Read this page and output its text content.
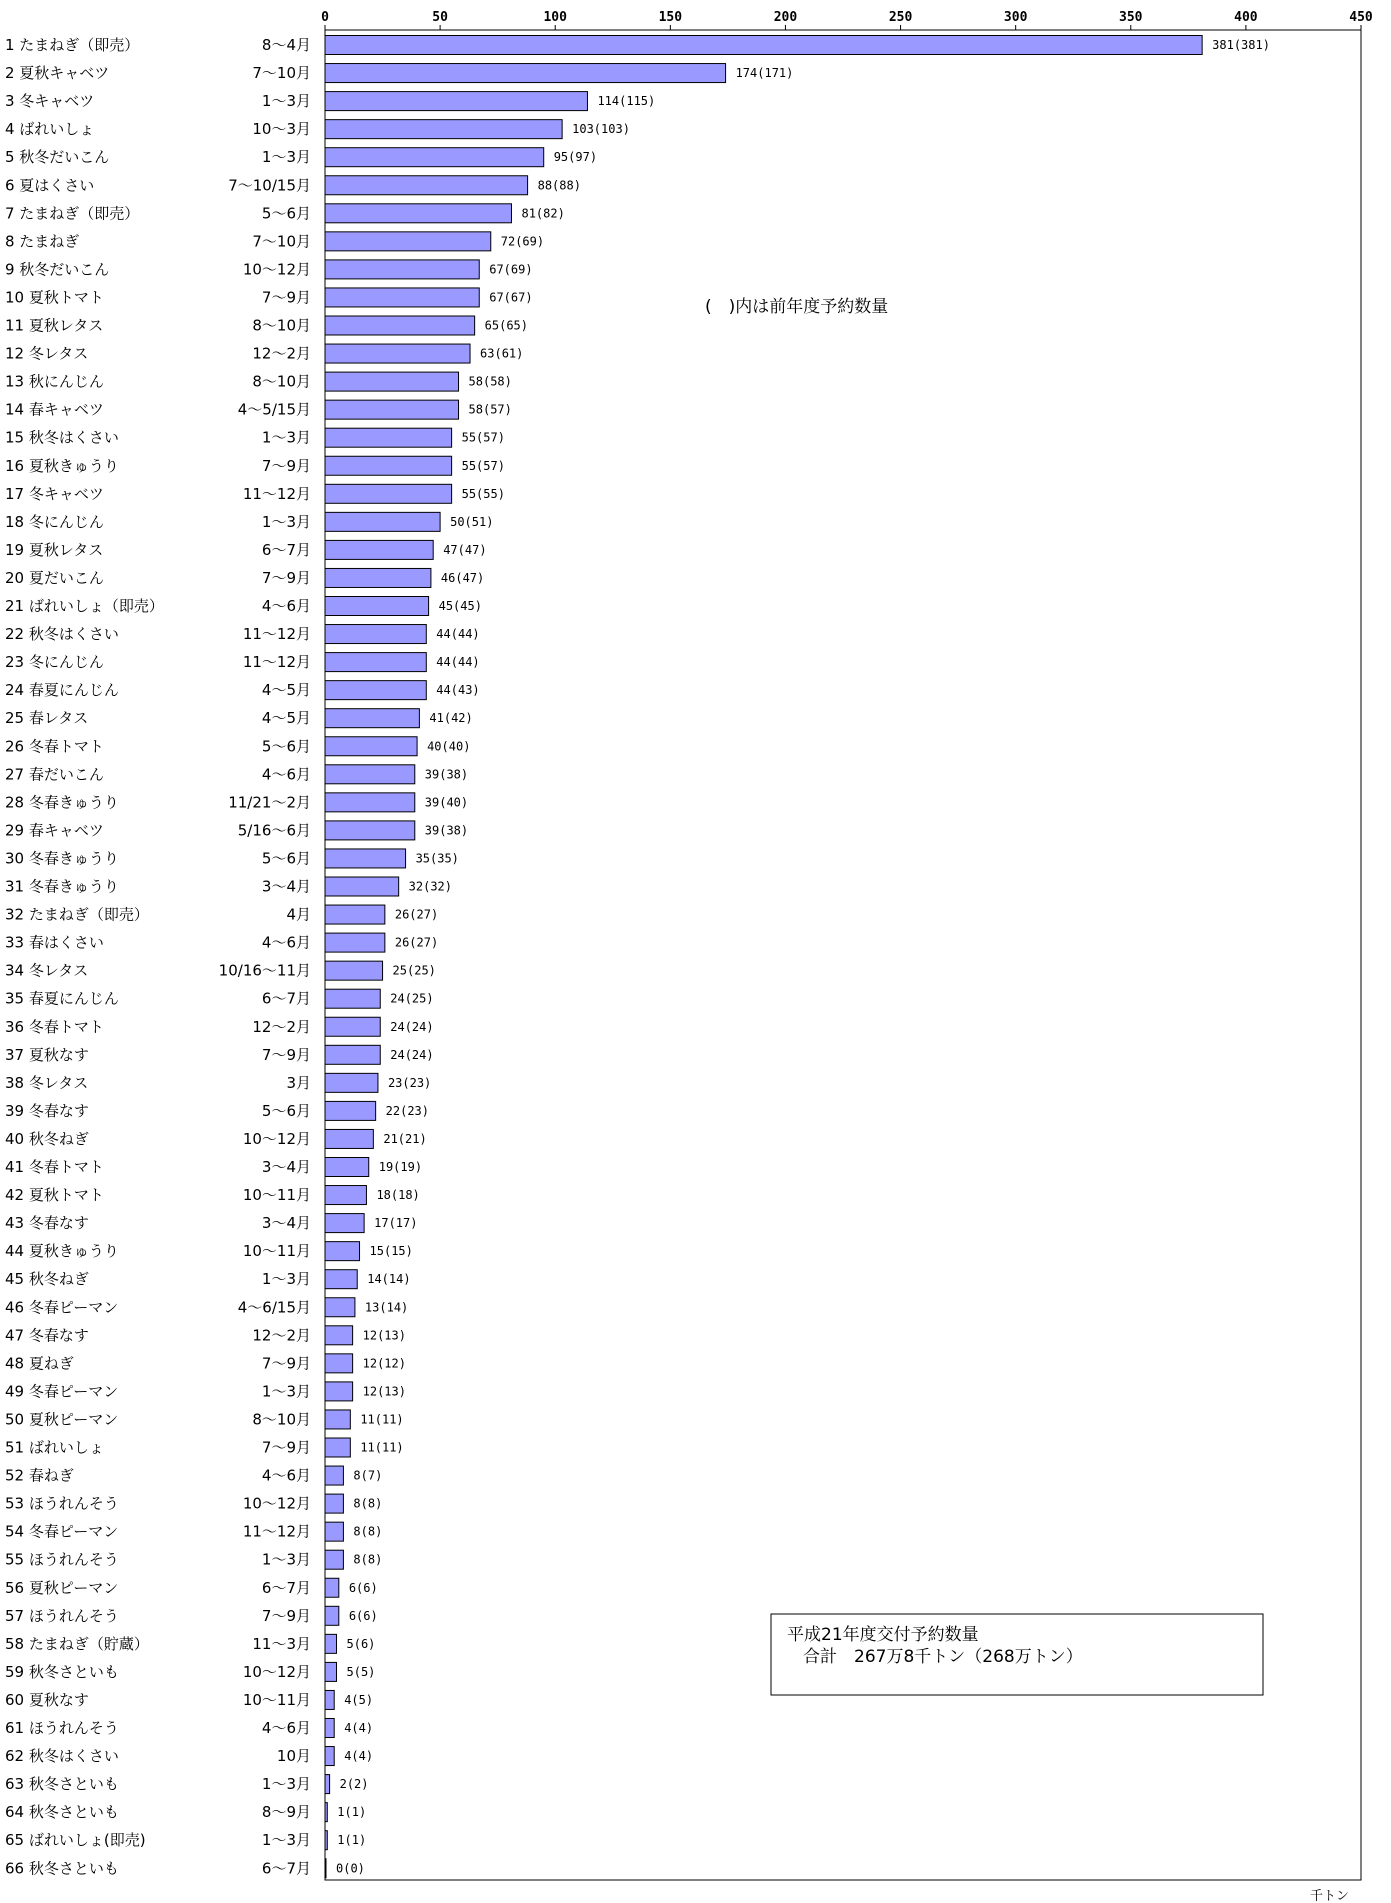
0	50	100	150	200	250	300	350	400	450
1 たまねぎ（即売）	8～4月	381(381)
2 夏秋キャベツ	7～10月	174(171)
3 冬キャベツ	1～3月	114(115)
4 ばれいしょ	10～3月	103(103)
5 秋冬だいこん	1～3月	95(97)
6 夏はくさい	7～10/15月	88(88)
7 たまねぎ（即売）	5～6月	81(82)
8 たまねぎ	7～10月	72(69)
9 秋冬だいこん	10～12月	67(69)
10 夏秋トマト	7～9月	67(67)
11 夏秋レタス	8～10月	65(65)
12 冬レタス	12～2月	63(61)
13 秋にんじん	8～10月	58(58)
14 春キャベツ	4～5/15月	58(57)
15 秋冬はくさい	1～3月	55(57)
16 夏秋きゅうり	7～9月	55(57)
17 冬キャベツ	11～12月	55(55)
18 冬にんじん	1～3月	50(51)
19 夏秋レタス	6～7月	47(47)
20 夏だいこん	7～9月	46(47)
21 ばれいしょ（即売）	4～6月	45(45)
22 秋冬はくさい	11～12月	44(44)
23 冬にんじん	11～12月	44(44)
24 春夏にんじん	4～5月	44(43)
25 春レタス	4～5月	41(42)
26 冬春トマト	5～6月	40(40)
27 春だいこん	4～6月	39(38)
28 冬春きゅうり	11/21～2月	39(40)
29 春キャベツ	5/16～6月	39(38)
30 冬春きゅうり	5～6月	35(35)
31 冬春きゅうり	3～4月	32(32)
32 たまねぎ（即売）	4月	26(27)
33 春はくさい	4～6月	26(27)
34 冬レタス	10/16～11月	25(25)
35 春夏にんじん	6～7月	24(25)
36 冬春トマト	12～2月	24(24)
37 夏秋なす	7～9月	24(24)
38 冬レタス	3月	23(23)
39 冬春なす	5～6月	22(23)
40 秋冬ねぎ	10～12月	21(21)
41 冬春トマト	3～4月	19(19)
42 夏秋トマト	10～11月	18(18)
43 冬春なす	3～4月	17(17)
44 夏秋きゅうり	10～11月	15(15)
45 秋冬ねぎ	1～3月	14(14)
46 冬春ピーマン	4～6/15月	13(14)
47 冬春なす	12～2月	12(13)
48 夏ねぎ	7～9月	12(12)
49 冬春ピーマン	1～3月	12(13)
50 夏秋ピーマン	8～10月	11(11)
51 ばれいしょ	7～9月	11(11)
52 春ねぎ	4～6月	8(7)
53 ほうれんそう	10～12月	8(8)
54 冬春ピーマン	11～12月	8(8)
55 ほうれんそう	1～3月	8(8)
56 夏秋ピーマン	6～7月	6(6)
57 ほうれんそう	7～9月	6(6)
58 たまねぎ（貯蔵）	11～3月	5(6)
59 秋冬さといも	10～12月	5(5)
60 夏秋なす	10～11月	4(5)
61 ほうれんそう	4～6月	4(4)
62 秋冬はくさい	10月	4(4)
63 秋冬さといも	1～3月 2(2)
64 秋冬さといも	8～9月 1(1)
65 ばれいしょ(即売)	1～3月 1(1)
66 秋冬さといも	6～7月 0(0)
(　)内は前年度予約数量
平成21年度交付予約数量
合計　267万8千トン（268万トン）
千トン
